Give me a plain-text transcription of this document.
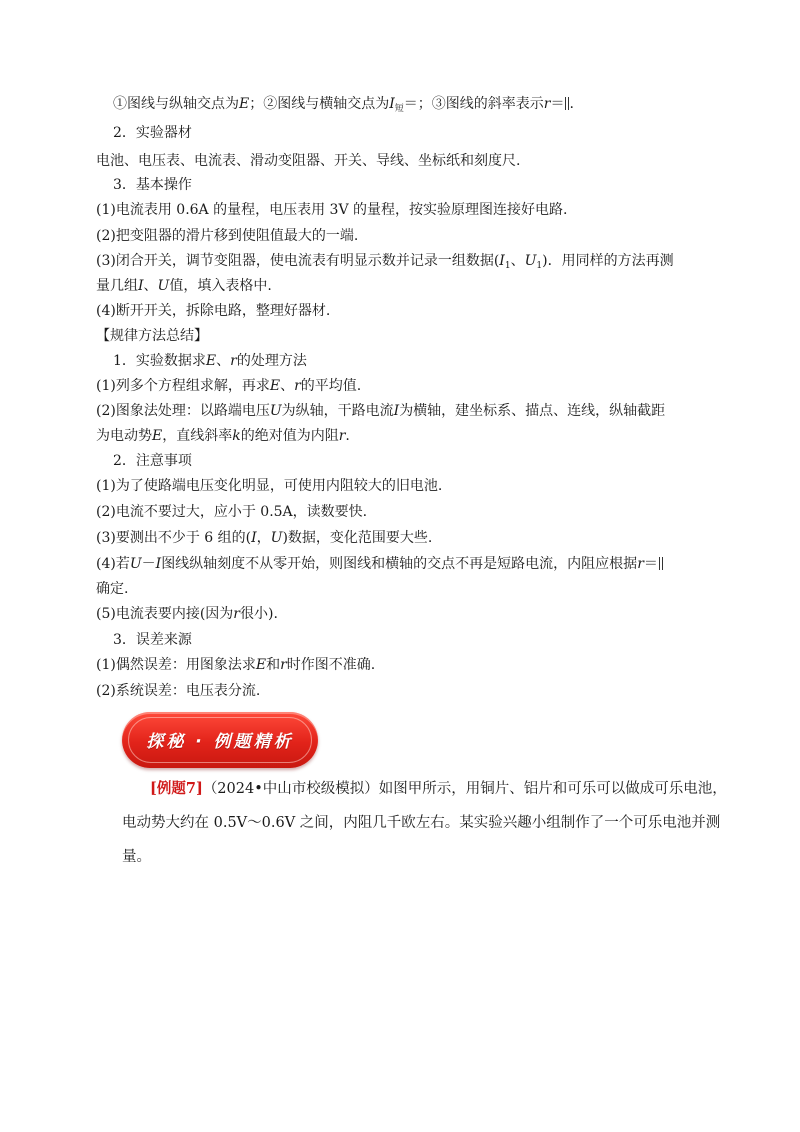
①图线与纵轴交点为E；②图线与横轴交点为$I_短=$；③图线的斜率表示r＝ .
2．实验器材
电池、电压表、电流表、滑动变阻器、开关、导线、坐标纸和刻度尺.
3．基本操作
(1)电流表用 0.6A 的量程，电压表用 3V 的量程，按实验原理图连接好电路.
(2)把变阻器的滑片移到使阻值最大的一端.
(3)闭合开关，调节变阻器，使电流表有明显示数并记录一组数据($I_1$、$U_1$)．用同样的方法再测
量几组I、U值，填入表格中.
(4)断开开关，拆除电路，整理好器材.
【规律方法总结】
1．实验数据求E、r的处理方法
(1)列多个方程组求解，再求E、r的平均值.
(2)图象法处理：以路端电压U为纵轴，干路电流I为横轴，建坐标系、描点、连线，纵轴截距
为电动势E，直线斜率k的绝对值为内阻r.
2．注意事项
(1)为了使路端电压变化明显，可使用内阻较大的旧电池.
(2)电流不要过大，应小于 0.5A，读数要快.
(3)要测出不少于 6 组的(I，U)数据，变化范围要大些.
(4)若U－I图线纵轴刻度不从零开始，则图线和横轴的交点不再是短路电流，内阻应根据r＝
确定.
(5)电流表要内接(因为r很小).
3．误差来源
(1)偶然误差：用图象法求E和r时作图不准确.
(2)系统误差：电压表分流.
探秘 · 例题精析
[例题7]（2024•中山市校级模拟）如图甲所示，用铜片、铝片和可乐可以做成可乐电池，
电动势大约在 0.5V～0.6V 之间，内阻几千欧左右。某实验兴趣小组制作了一个可乐电池并测
量。
